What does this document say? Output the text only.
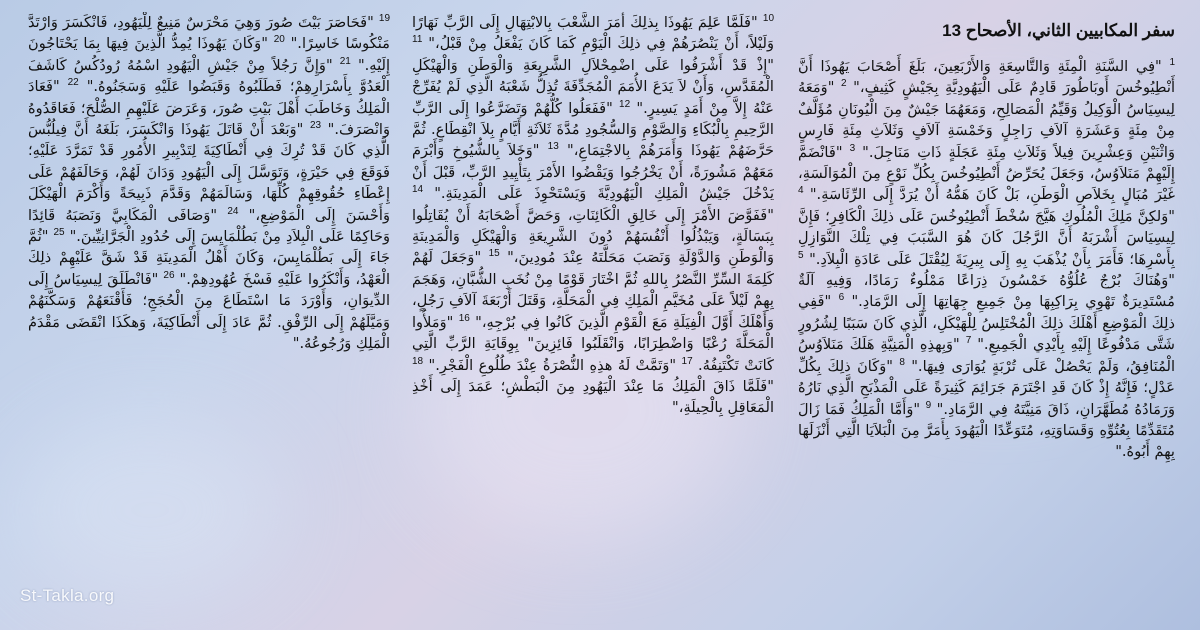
سفر المكابيين الثاني، الأصحاح 13
$^1$ "فِي السَّنَةِ الْمِئَةِ وَالتَّاسِعَةِ وَالأَرْبَعِينَ، بَلَغَ أَصْحَابَ يَهُوذَا أَنَّ أَنْطِيُوخُسَ أَوبَاطُورَ قَادِمٌ عَلَى الْيَهُودِيَّةِ بِجَيْشٍ كَثِيفٍ،" $^2$ "وَمَعَهُ لِيسِيَاسُ الْوَكِيلُ وَقَيِّمُ الْمَصَالِحِ، وَمَعَهُمَا جَيْشٌ مِنَ الْيُونَانِ مُؤَلَّفٌ مِنْ مِئَةٍ وَعَشَرَةِ آلاَفِ رَاجِلٍ وَخَمْسَةِ آلاَفٍ وَثَلاَثِ مِئَةِ فَارِسٍ وَاثْنَيْنِ وَعِشْرِينَ فِيلاً وَثَلاَثِ مِئَةِ عَجَلَةٍ ذَاتِ مَنَاجِلَ." $^3$ "فَانْضَمَّ إِلَيْهِمْ مَنَلاَوُسُ، وَجَعَلَ يُحَرِّضُ أَنْطِيُوخُسَ بِكُلِّ نَوْعٍ مِنَ الْمُوَالَسَةِ، غَيْرَ مُبَالٍ بِخَلاَصِ الْوَطَنِ، بَلْ كَانَ هَمُّهُ أَنْ يُرَدَّ إِلَى الرِّئَاسَةِ." $^4$ "وَلكِنَّ مَلِكَ الْمُلُوكِ هَيَّجَ سُخْطَ أَنْطِيُوخُسَ عَلَى ذلِكَ الْكَافِرِ؛ فَإِنَّ لِيسِيَاسَ أَشْرَبَهُ أَنَّ الرَّجُلَ كَانَ هُوَ السَّبَبَ فِي تِلْكَ النَّوَازِلِ بِأَسْرِهَا؛ فَأَمَرَ بِأَنْ يُذْهَبَ بِهِ إِلَى بِيرِيَةَ لِيُقْتَلَ عَلَى عَادَةِ الْبِلاَدِ." $^5$ "وَهُنَاكَ بُرْجٌ عُلُوُّهُ خَمْسُونَ ذِرَاعًا مَمْلُوءٌ رَمَادًا، وَفِيهِ آلَةٌ مُسْتَدِيرَةٌ تَهْوِي بِرَاكِبِهَا مِنْ جَمِيعِ جِهَاتِهَا إِلَى الرَّمَادِ." $^6$ "فَفِي ذلِكَ الْمَوْضِعِ أَهْلَكَ ذلِكَ الْمُخْتَلِسُ لِلْهَيْكَلِ، الَّذِي كَانَ سَبَبًا لِشُرُورٍ شَتَّى مَدْفُوعًا إِلَيْهِ بِأَيْدِي الْجَمِيعِ." $^7$ "وَبِهذِهِ الْمَنِيَّةِ هَلَكَ مَنَلاَوُسُ الْمُنَافِقُ، وَلَمْ يَحْصُلْ عَلَى تُرْبَةٍ يُوَارَى فِيهَا." $^8$ "وَكَانَ ذلِكَ بِكُلِّ عَدْلٍ؛ فَإِنَّهُ إِذْ كَانَ قَدِ اجْتَرَمَ جَرَائِمَ كَثِيرَةً عَلَى الْمَذْبَحِ الَّذِي نَارُهُ وَرَمَادُهُ مُطَهَّرَانِ، ذَاقَ مَنِيَّتَهُ فِي الرَّمَادِ." $^9$ "وَأَمَّا الْمَلِكُ فَمَا زَالَ مُتَقَدِّمًا بِعُتُوِّهِ وَقَسَاوَتِهِ، مُتَوَعِّدًا الْيَهُودَ بِأَمَرَّ مِنَ الْبَلاَيَا الَّتِي أَنْزَلَهَا بِهِمْ أَبُوهُ."
$^{10}$ "فَلَمَّا عَلِمَ يَهُوذَا بِذلِكَ أَمَرَ الشَّعْبَ بِالابْتِهَالِ إِلَى الرَّبِّ نَهَارًا وَلَيْلاً، أَنْ يَنْصُرَهُمْ فِي ذلِكَ الْيَوْمِ كَمَا كَانَ يَفْعَلُ مِنْ قَبْلُ،" $^{11}$ "إِذْ قَدْ أَشْرَفُوا عَلَى اضْمِحْلاَلِ الشَّرِيعَةِ وَالْوَطَنِ وَالْهَيْكَلِ الْمُقَدَّسِ، وَأَنْ لاَ يَدَعَ الأُمَمَ الْمُجَدِّفَةَ تُذِلُّ شَعْبَهُ الَّذِي لَمْ يُفَرِّجْ عَنْهُ إِلاَّ مِنْ أَمَدٍ يَسِيرٍ." $^{12}$ "فَفَعَلُوا كُلُّهُمْ وَتَضَرَّعُوا إِلَى الرَّبِّ الرَّحِيمِ بِالْبُكَاءِ وَالصَّوْمِ وَالسُّجُودِ مُدَّةَ ثَلاَثَةِ أَيَّامٍ بِلاَ انْقِطَاعٍ. ثُمَّ حَرَّضَهُمْ يَهُوذَا وَأَمَرَهُمْ بِالاجْتِمَاعِ،" $^{13}$ "وَخَلاَ بِالشُّيُوخِ وَأَبْرَمَ مَعَهُمْ مَشُورَةً، أَنْ يَخْرُجُوا وَيَقْضُوا الأَمْرَ بِتَأْيِيدِ الرَّبِّ، قَبْلَ أَنْ يَدْخُلَ جَيْشُ الْمَلِكِ الْيَهُودِيَّةَ وَيَسْتَحْوِذَ عَلَى الْمَدِينَةِ." $^{14}$ "فَفَوَّضَ الأَمْرَ إِلَى خَالِقِ الْكَائِنَاتِ، وَحَضَّ أَصْحَابَهُ أَنْ يُقَاتِلُوا بِبَسَالَةٍ، وَيَبْذُلُوا أَنْفُسَهُمْ دُونَ الشَّرِيعَةِ وَالْهَيْكَلِ وَالْمَدِينَةِ وَالْوَطَنِ وَالدَّوْلَةِ وَنَصَبَ مَحَلَّتَهُ عِنْدَ مُودِينَ،" $^{15}$ "وَجَعَلَ لَهُمْ كَلِمَةَ السِّرِّ النَّصْرُ بِاللهِ ثُمَّ اخْتَارَ قَوْمًا مِنْ نُخَبِ الشُّبَّانِ، وَهَجَمَ بِهِمْ لَيْلاً عَلَى مُخَيَّمِ الْمَلِكِ فِي الْمَحَلَّةِ، وَقَتَلَ أَرْبَعَةَ آلاَفِ رَجُلٍ، وَأَهْلَكَ أَوَّلَ الْفِيَلَةِ مَعَ الْقَوْمِ الَّذِينَ كَانُوا فِي بُرْجِهِ،" $^{16}$ "وَمَلأُوا الْمَحَلَّةَ رُعْبًا وَاضْطِرَابًا، وَانْقَلَبُوا فَائِزِينَ" بِوِقَايَةِ الرَّبِّ الَّتِي كَانَتْ تَكْتَنِفُهُ. $^{17}$ "وَتَمَّتْ لَهُ هذِهِ النُّصْرَةُ عِنْدَ طُلُوعِ الْفَجْرِ." $^{18}$ "فَلَمَّا ذَاقَ الْمَلِكُ مَا عِنْدَ الْيَهُودِ مِنَ الْبَطْشِ؛ عَمَدَ إِلَى أَخْذِ الْمَعَاقِلِ بِالْحِيلَةِ،"
$^{19}$ "فَحَاصَرَ بَيْتَ صُورَ وَهِيَ مَحْرَسٌ مَنِيعٌ لِلْيَهُودِ، فَانْكَسَرَ وَارْتَدَّ مَنْكُوسًا خَاسِرًا." $^{20}$ "وَكَانَ يَهُوذَا يُمِدُّ الَّذِينَ فِيهَا بِمَا يَحْتَاجُونَ إِلَيْهِ." $^{21}$ "وَإِنَّ رَجُلاً مِنْ جَيْشِ الْيَهُودِ اسْمُهُ رُودُكُسُ كَاشَفَ الْعَدُوَّ بِأَسْرَارِهِمْ؛ فَطَلَبُوهُ وَقَبَضُوا عَلَيْهِ وَسَجَنُوهُ." $^{22}$ "فَعَادَ الْمَلِكُ وَخَاطَبَ أَهْلَ بَيْتِ صُورَ، وَعَرَضَ عَلَيْهِمِ الصُّلْحَ؛ فَعَاقَدُوهُ وَانْصَرَفَ." $^{23}$ "وَبَعْدَ أَنْ قَاتَلَ يَهُوذَا وَانْكَسَرَ، بَلَغَهُ أَنَّ فِيلُبُّسَ الَّذِي كَانَ قَدْ تُرِكَ فِي أَنْطَاكِيَةَ لِتَدْبِيرِ الأُمُورِ قَدْ تَمَرَّدَ عَلَيْهِ؛ فَوَقَعَ فِي حَيْرَةٍ، وَتَوَسَّلَ إِلَى الْيَهُودِ وَدَانَ لَهُمْ، وَحَالَفَهُمْ عَلَى إِعْطَاءِ حُقُوقِهِمْ كُلِّهَا، وَسَالَمَهُمْ وَقَدَّمَ ذَبِيحَةً وَأَكْرَمَ الْهَيْكَلَ وَأَحْسَنَ إِلَى الْمَوْضِعِ،" $^{24}$ "وَصَافَى الْمَكَابِيَّ وَنَصَبَهُ قَائِدًا وَحَاكِمًا عَلَى الْبِلاَدِ مِنْ بَطُلْمَايِسَ إِلَى حُدُودِ الْجَرَّانِيِّينَ." $^{25}$ "ثُمَّ جَاءَ إِلَى بَطُلْمَايِسَ، وَكَانَ أَهْلُ الْمَدِينَةِ قَدْ شَقَّ عَلَيْهِمْ ذلِكَ الْعَهْدُ، وَأَنْكَرُوا عَلَيْهِ فَسْخَ عُهُودِهِمْ." $^{26}$ "فَانْطَلَقَ لِيسِيَاسُ إِلَى الدِّيوَانِ، وَأَوْرَدَ مَا اسْتَطَاعَ مِنَ الْحُجَجِ؛ فَأَقْنَعَهُمْ وَسَكَّنَهُمْ وَمَيَّلَهُمْ إِلَى الرِّفْقِ. ثُمَّ عَادَ إِلَى أَنْطَاكِيَةَ، وَهكَذَا انْقَضَى مَقْدَمُ الْمَلِكِ وَرُجُوعُهُ."
St-Takla.org
